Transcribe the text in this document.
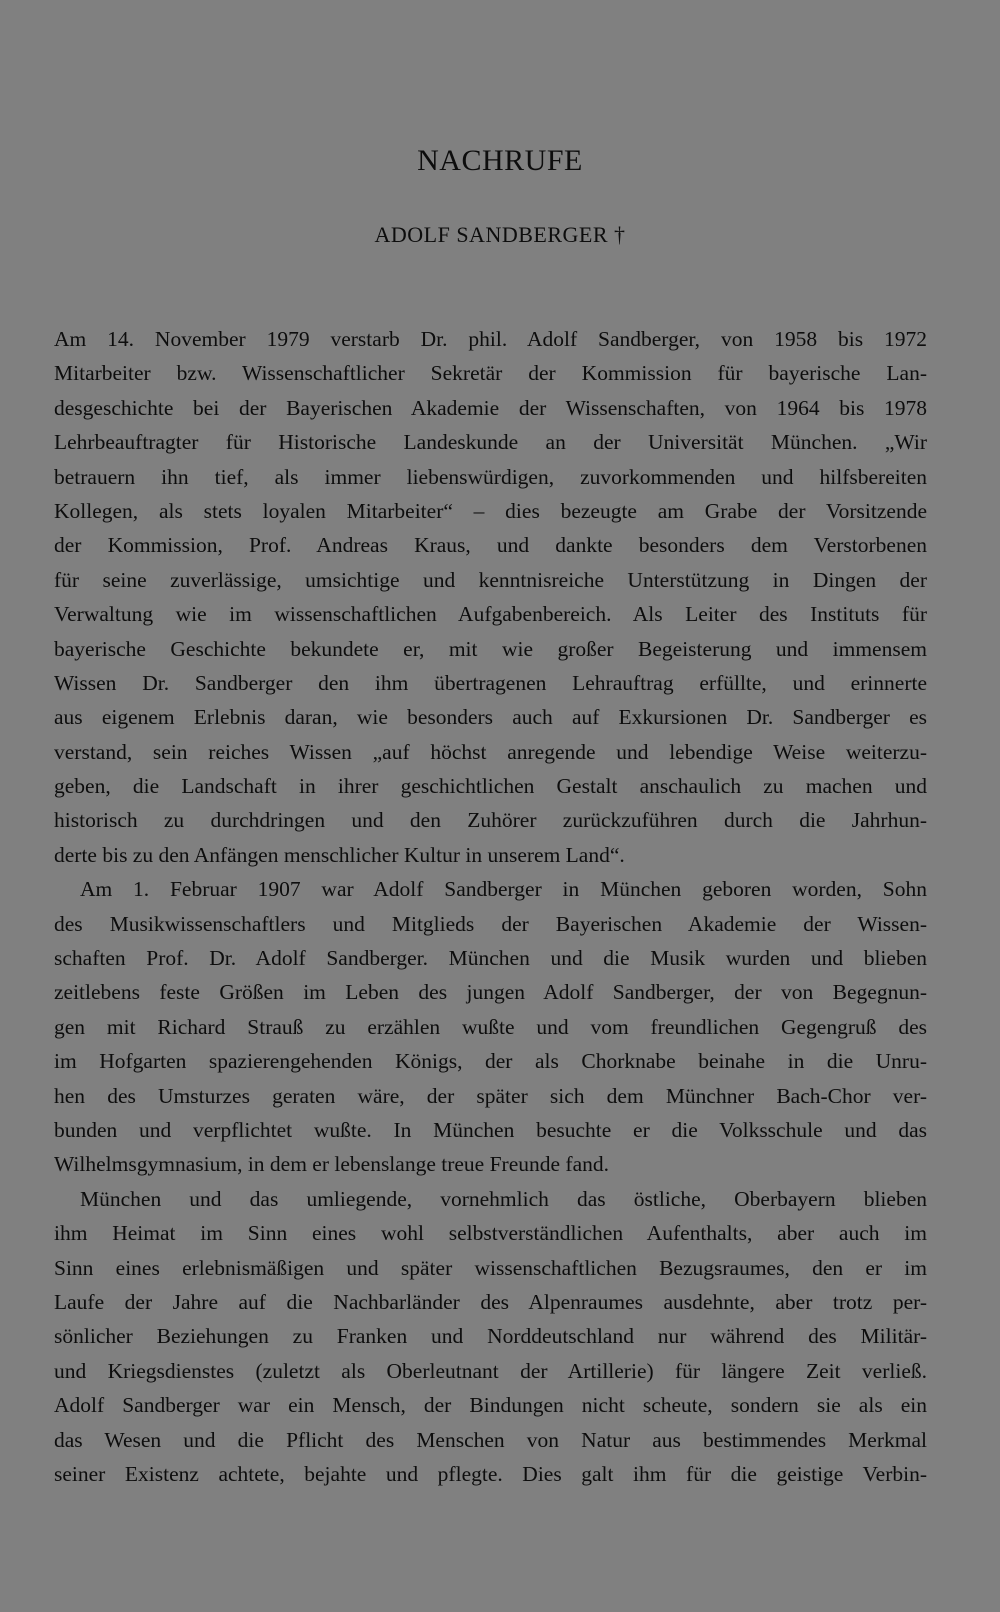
NACHRUFE
ADOLF SANDBERGER †
Am 14. November 1979 verstarb Dr. phil. Adolf Sandberger, von 1958 bis 1972
Mitarbeiter bzw. Wissenschaftlicher Sekretär der Kommission für bayerische Lan-
desgeschichte bei der Bayerischen Akademie der Wissenschaften, von 1964 bis 1978
Lehrbeauftragter für Historische Landeskunde an der Universität München. „Wir
betrauern ihn tief, als immer liebenswürdigen, zuvorkommenden und hilfsbereiten
Kollegen, als stets loyalen Mitarbeiter“ – dies bezeugte am Grabe der Vorsitzende
der Kommission, Prof. Andreas Kraus, und dankte besonders dem Verstorbenen
für seine zuverlässige, umsichtige und kenntnisreiche Unterstützung in Dingen der
Verwaltung wie im wissenschaftlichen Aufgabenbereich. Als Leiter des Instituts für
bayerische Geschichte bekundete er, mit wie großer Begeisterung und immensem
Wissen Dr. Sandberger den ihm übertragenen Lehrauftrag erfüllte, und erinnerte
aus eigenem Erlebnis daran, wie besonders auch auf Exkursionen Dr. Sandberger es
verstand, sein reiches Wissen „auf höchst anregende und lebendige Weise weiterzu-
geben, die Landschaft in ihrer geschichtlichen Gestalt anschaulich zu machen und
historisch zu durchdringen und den Zuhörer zurückzuführen durch die Jahrhun-
derte bis zu den Anfängen menschlicher Kultur in unserem Land“.
Am 1. Februar 1907 war Adolf Sandberger in München geboren worden, Sohn
des Musikwissenschaftlers und Mitglieds der Bayerischen Akademie der Wissen-
schaften Prof. Dr. Adolf Sandberger. München und die Musik wurden und blieben
zeitlebens feste Größen im Leben des jungen Adolf Sandberger, der von Begegnun-
gen mit Richard Strauß zu erzählen wußte und vom freundlichen Gegengruß des
im Hofgarten spazierengehenden Königs, der als Chorknabe beinahe in die Unru-
hen des Umsturzes geraten wäre, der später sich dem Münchner Bach-Chor ver-
bunden und verpflichtet wußte. In München besuchte er die Volksschule und das
Wilhelmsgymnasium, in dem er lebenslange treue Freunde fand.
München und das umliegende, vornehmlich das östliche, Oberbayern blieben
ihm Heimat im Sinn eines wohl selbstverständlichen Aufenthalts, aber auch im
Sinn eines erlebnismäßigen und später wissenschaftlichen Bezugsraumes, den er im
Laufe der Jahre auf die Nachbarländer des Alpenraumes ausdehnte, aber trotz per-
sönlicher Beziehungen zu Franken und Norddeutschland nur während des Militär-
und Kriegsdienstes (zuletzt als Oberleutnant der Artillerie) für längere Zeit verließ.
Adolf Sandberger war ein Mensch, der Bindungen nicht scheute, sondern sie als ein
das Wesen und die Pflicht des Menschen von Natur aus bestimmendes Merkmal
seiner Existenz achtete, bejahte und pflegte. Dies galt ihm für die geistige Verbin-
